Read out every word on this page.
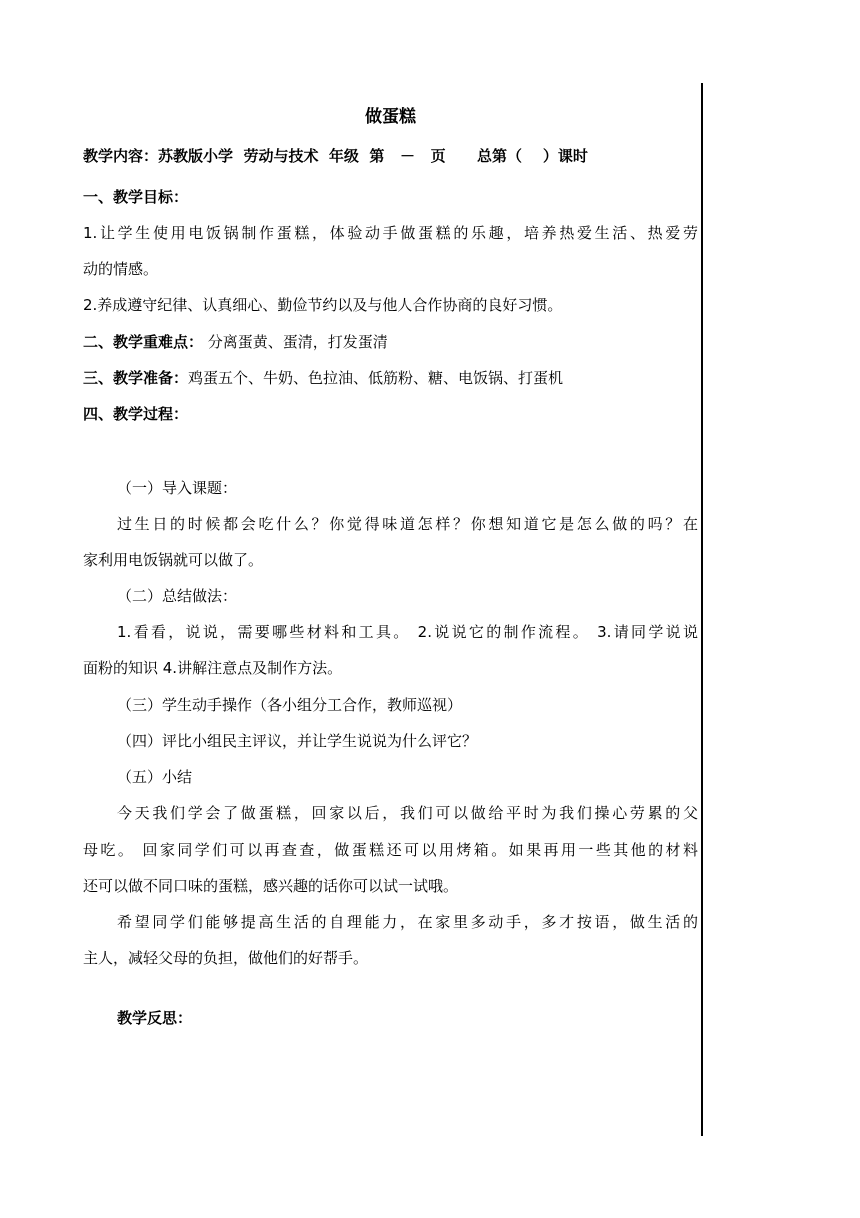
做蛋糕
教学内容：苏教版小学  劳动与技术  年级  第   －   页      总第（    ）课时
一、教学目标：
1.让学生使用电饭锅制作蛋糕，体验动手做蛋糕的乐趣，培养热爱生活、热爱劳
动的情感。
2.养成遵守纪律、认真细心、勤俭节约以及与他人合作协商的良好习惯。
二、教学重难点： 分离蛋黄、蛋清，打发蛋清
三、教学准备：鸡蛋五个、牛奶、色拉油、低筋粉、糖、电饭锅、打蛋机
四、教学过程：
（一）导入课题：
过生日的时候都会吃什么？你觉得味道怎样？你想知道它是怎么做的吗？在
家利用电饭锅就可以做了。
（二）总结做法：
1.看看，说说，需要哪些材料和工具。 2.说说它的制作流程。 3.请同学说说
面粉的知识 4.讲解注意点及制作方法。
（三）学生动手操作（各小组分工合作，教师巡视）
（四）评比小组民主评议，并让学生说说为什么评它？
（五）小结
今天我们学会了做蛋糕，回家以后，我们可以做给平时为我们操心劳累的父
母吃。 回家同学们可以再查查，做蛋糕还可以用烤箱。如果再用一些其他的材料
还可以做不同口味的蛋糕，感兴趣的话你可以试一试哦。
希望同学们能够提高生活的自理能力，在家里多动手，多才按语，做生活的
主人，减轻父母的负担，做他们的好帮手。
教学反思：
